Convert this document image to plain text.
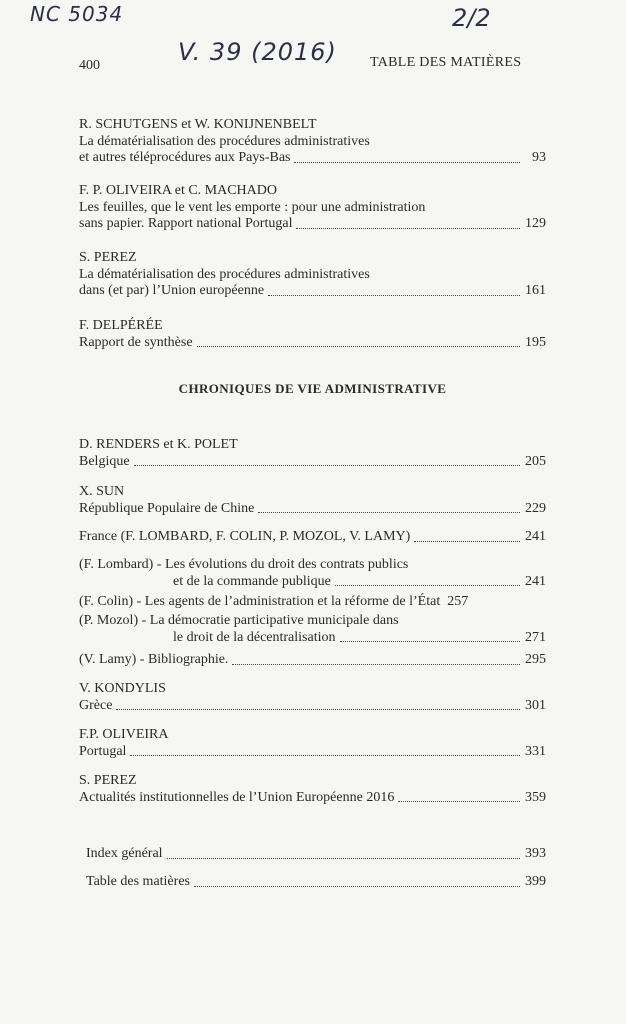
NC 5034	2/2
V. 39 (2016)
400	TABLE DES MATIÈRES
R. SCHUTGENS et W. KONIJNENBELT
La dématérialisation des procédures administratives
et autres téléprocédures aux Pays-Bas	93
F. P. OLIVEIRA et C. MACHADO
Les feuilles, que le vent les emporte : pour une administration
sans papier. Rapport national Portugal	129
S. PEREZ
La dématérialisation des procédures administratives
dans (et par) l’Union européenne	161
F. DELPÉRÉE
Rapport de synthèse	195
CHRONIQUES DE VIE ADMINISTRATIVE
D. RENDERS et K. POLET
Belgique	205
X. SUN
République Populaire de Chine	229
France (F. LOMBARD, F. COLIN, P. MOZOL, V. LAMY)	241
(F. Lombard) - Les évolutions du droit des contrats publics
et de la commande publique	241
(F. Colin) - Les agents de l’administration et la réforme de l’État 257
(P. Mozol) - La démocratie participative municipale dans
le droit de la décentralisation	271
(V. Lamy) - Bibliographie.	295
V. KONDYLIS
Grèce	301
F.P. OLIVEIRA
Portugal	331
S. PEREZ
Actualités institutionnelles de l’Union Européenne 2016	359
Index général	393
Table des matières	399
